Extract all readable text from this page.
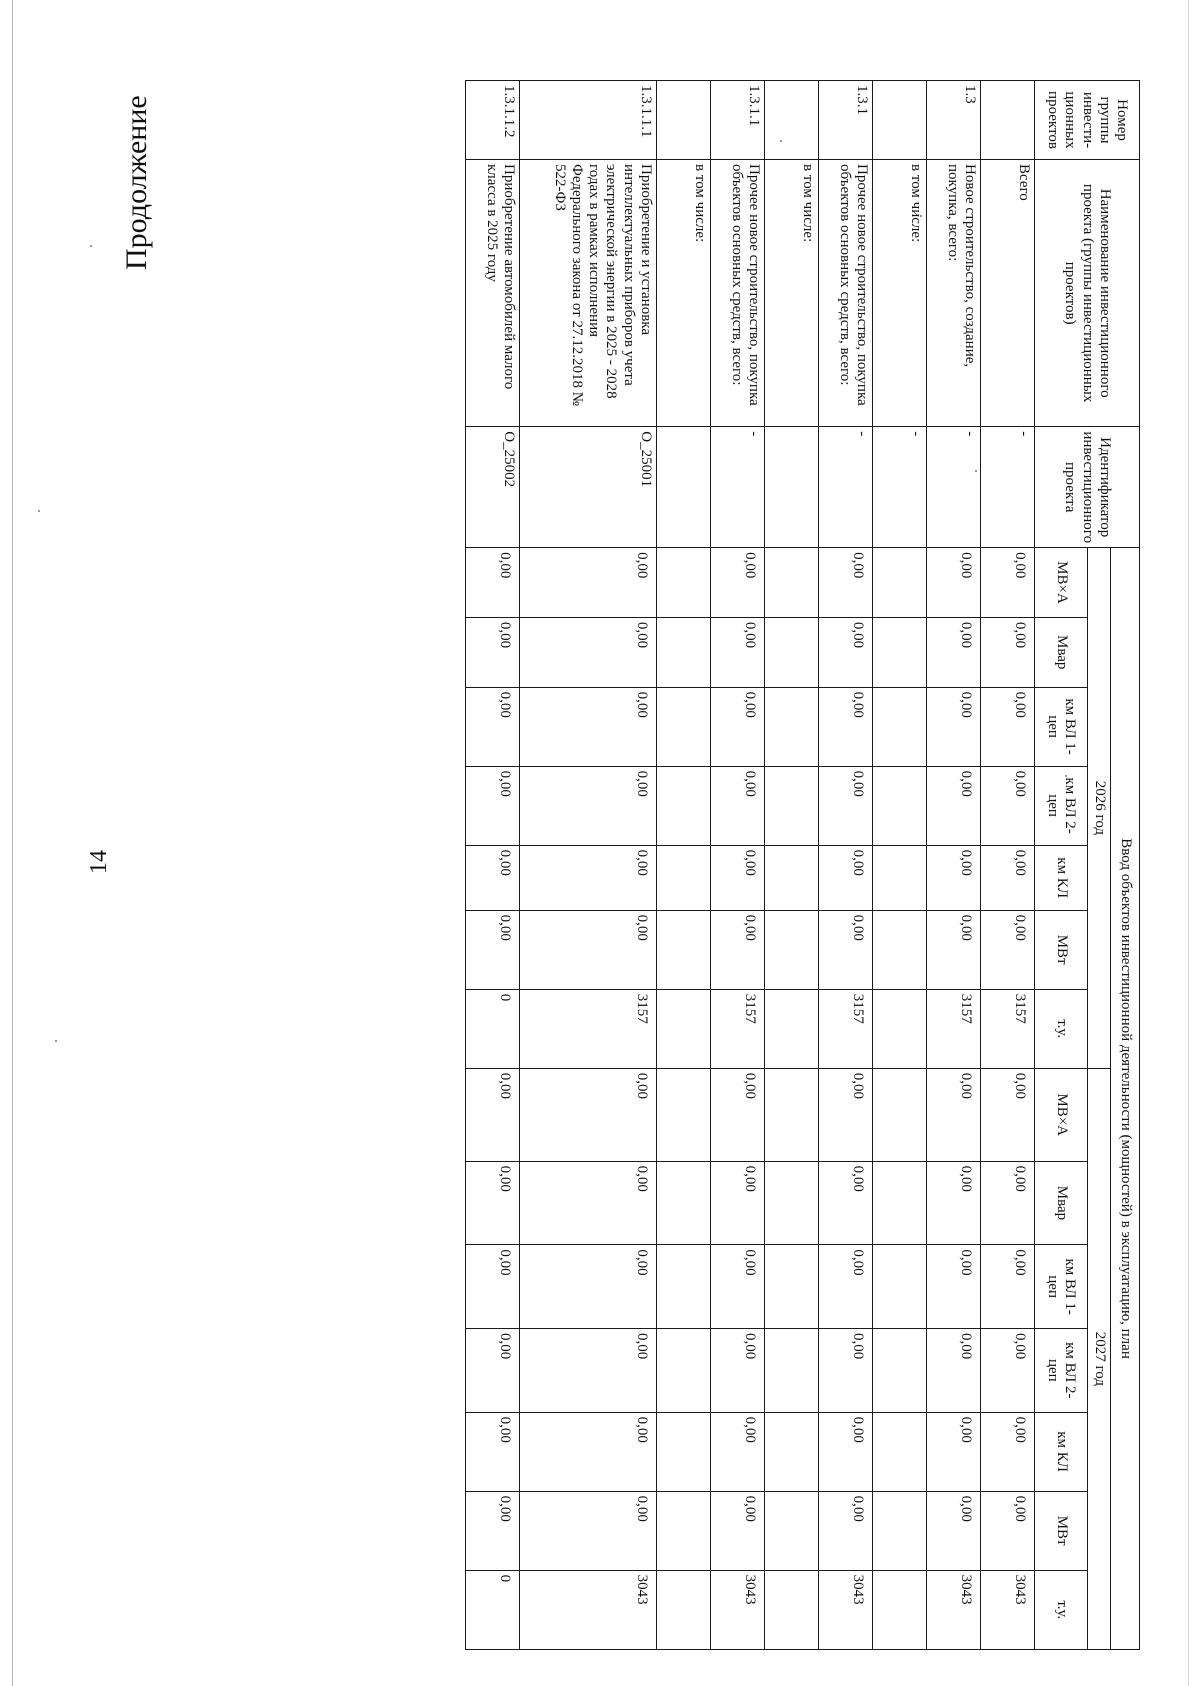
14
Продолжение	Номер группы инвести-ционных проектов	Наименование инвестиционного проекта (группы инвестиционных проектов)	Идентификатор инвестиционного проекта	Ввод объектов инвестиционной деятельности (мощностей) в эксплуатацию, план													
			2026 год							2027 год						
			МВ×А	Мвар	км ВЛ 1-цеп	км ВЛ 2-цеп	км КЛ	МВт	т.у.	МВ×А	Мвар	км ВЛ 1-цеп	км ВЛ 2-цеп	км КЛ	МВт	т.у.
	Всего	-	0,00	0,00	0,00	0,00	0,00	0,00	3157	0,00	0,00	0,00	0,00	0,00	0,00	3043
1.3	Новое строительство, создание, покупка, всего:	-	0,00	0,00	0,00	0,00	0,00	0,00	3157	0,00	0,00	0,00	0,00	0,00	0,00	3043
	в том числе:	-														
1.3.1	Прочее новое строительство, покупка объектов основных средств, всего:	-	0,00	0,00	0,00	0,00	0,00	0,00	3157	0,00	0,00	0,00	0,00	0,00	0,00	3043
	в том числе:															
1.3.1.1	Прочее новое строительство, покупка объектов основных средств, всего:	-	0,00	0,00	0,00	0,00	0,00	0,00	3157	0,00	0,00	0,00	0,00	0,00	0,00	3043
	в том числе:															
1.3.1.1.1	Приобретение и установка интеллектуальных приборов учета электрической энергии в 2025 - 2028 годах в рамках исполнения Федерального закона от 27.12.2018 № 522-ФЗ	O_25001	0,00	0,00	0,00	0,00	0,00	0,00	3157	0,00	0,00	0,00	0,00	0,00	0,00	3043
1.3.1.1.2	Приобретение автомобилей малого класса в 2025 году	O_25002	0,00	0,00	0,00	0,00	0,00	0,00	0	0,00	0,00	0,00	0,00	0,00	0,00	0
